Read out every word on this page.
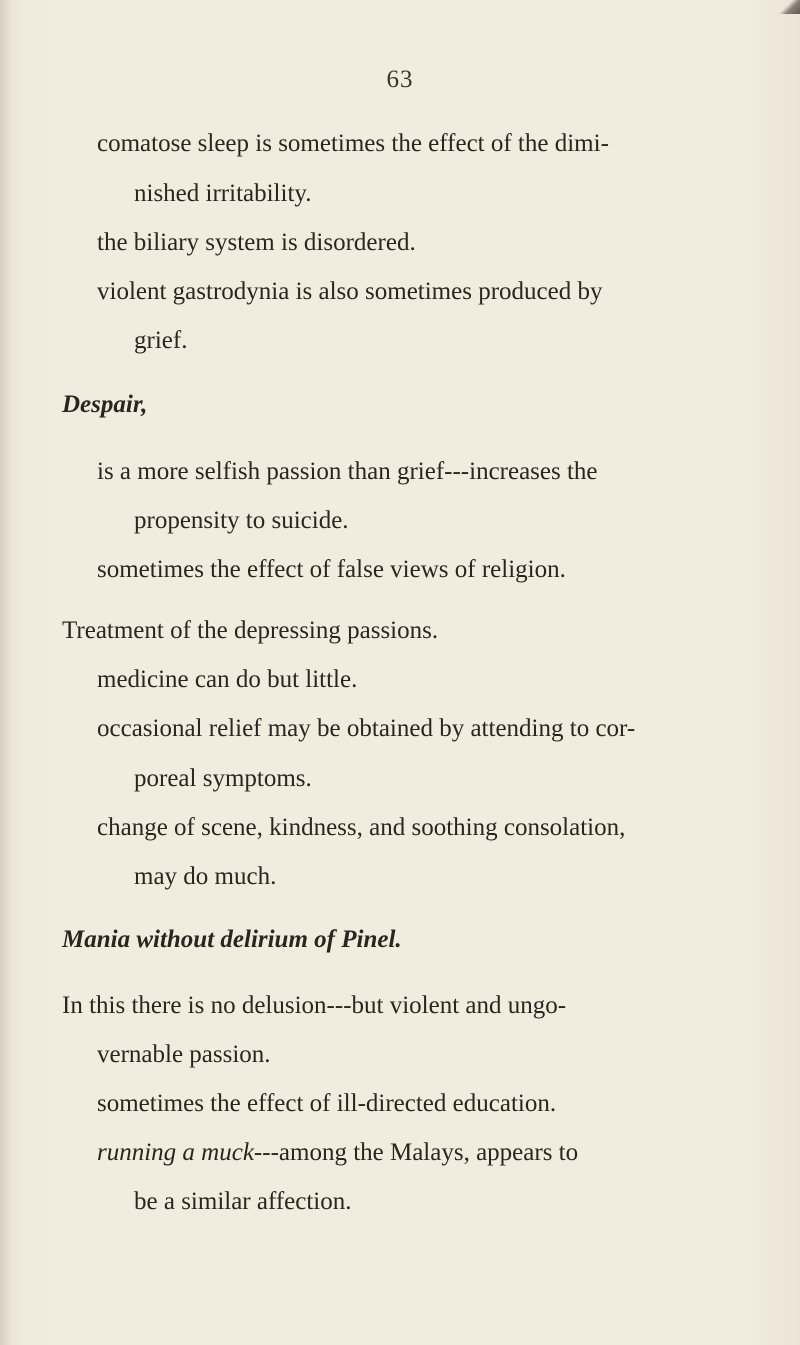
63
comatose sleep is sometimes the effect of the dimi-
nished irritability.
the biliary system is disordered.
violent gastrodynia is also sometimes produced by
grief.
Despair,
is a more selfish passion than grief---increases the
propensity to suicide.
sometimes the effect of false views of religion.
Treatment of the depressing passions.
medicine can do but little.
occasional relief may be obtained by attending to cor-
poreal symptoms.
change of scene, kindness, and soothing consolation,
may do much.
Mania without delirium of Pinel.
In this there is no delusion---but violent and ungo-
vernable passion.
sometimes the effect of ill-directed education.
running a muck---among the Malays, appears to
be a similar affection.
